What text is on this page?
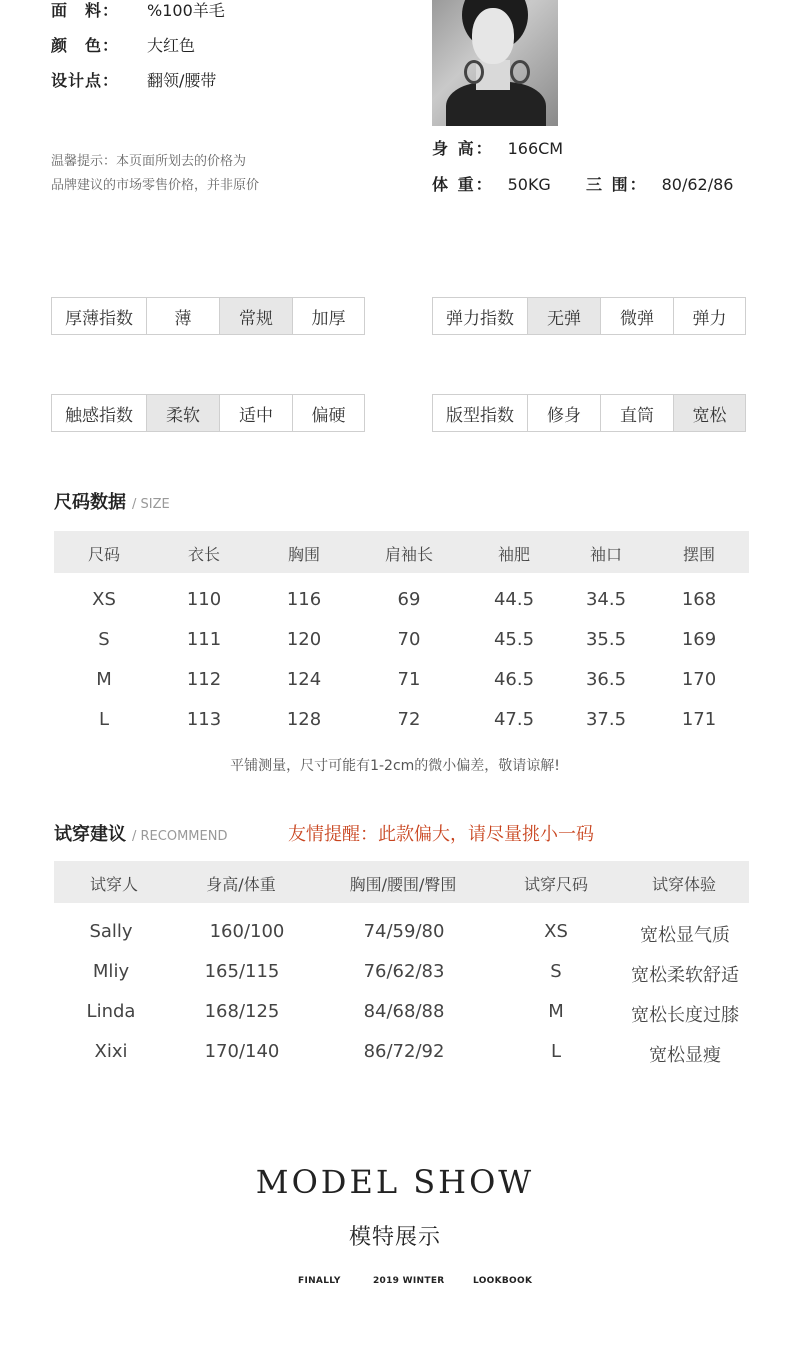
面　料： %100羊毛
颜　色： 大红色
设计点： 翻领/腰带
温馨提示：本页面所划去的价格为
品牌建议的市场零售价格，并非原价
身 高： 166CM
体 重： 50KG 三 围： 80/62/86
厚薄指数	薄	常规	加厚	弹力指数	无弹	微弹	弹力
触感指数	柔软	适中	偏硬	版型指数	修身	直筒	宽松
尺码数据 / SIZE
尺码	衣长	胸围	肩袖长	袖肥	袖口	摆围
XS	110	116	69	44.5	34.5	168
S	111	120	70	45.5	35.5	169
M	112	124	71	46.5	36.5	170
L	113	128	72	47.5	37.5	171
平铺测量，尺寸可能有1-2cm的微小偏差，敬请谅解!
试穿建议 / RECOMMEND	友情提醒：此款偏大，请尽量挑小一码
试穿人	身高/体重	胸围/腰围/臀围	试穿尺码	试穿体验
Sally	160/100	74/59/80	XS	宽松显气质
Mliy	165/115	76/62/83	S	宽松柔软舒适
Linda	168/125	84/68/88	M	宽松长度过膝
Xixi	170/140	86/72/92	L	宽松显瘦
MODEL SHOW
模特展示
FINALLY	2019 WINTER	LOOKBOOK
